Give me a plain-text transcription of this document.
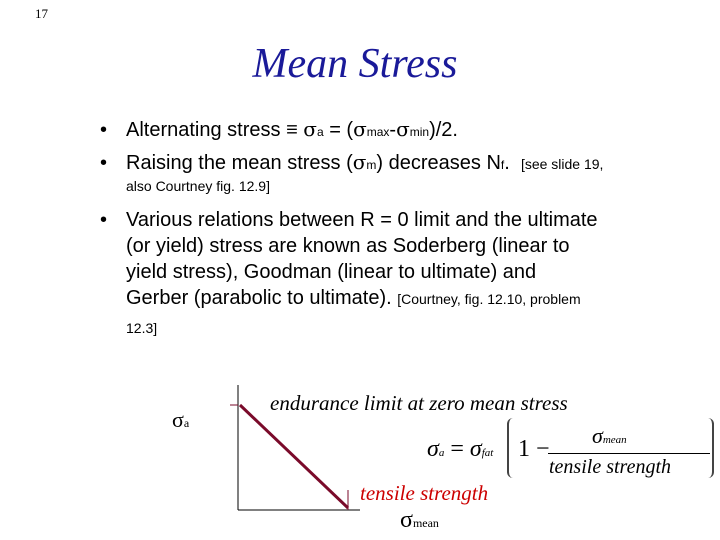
17
Mean Stress
• Alternating stress ≡ σa = (σmax-σmin)/2.
• Raising the mean stress (σm) decreases Nf. [see slide 19,
also Courtney fig. 12.9]
• Various relations between R = 0 limit and the ultimate
(or yield) stress are known as Soderberg (linear to
yield stress), Goodman (linear to ultimate) and
Gerber (parabolic to ultimate). [Courtney, fig. 12.10, problem
12.3]
σa
endurance limit at zero mean stress
tensile strength
σmean
σa = σfat 1 −
σmean
tensile strength
